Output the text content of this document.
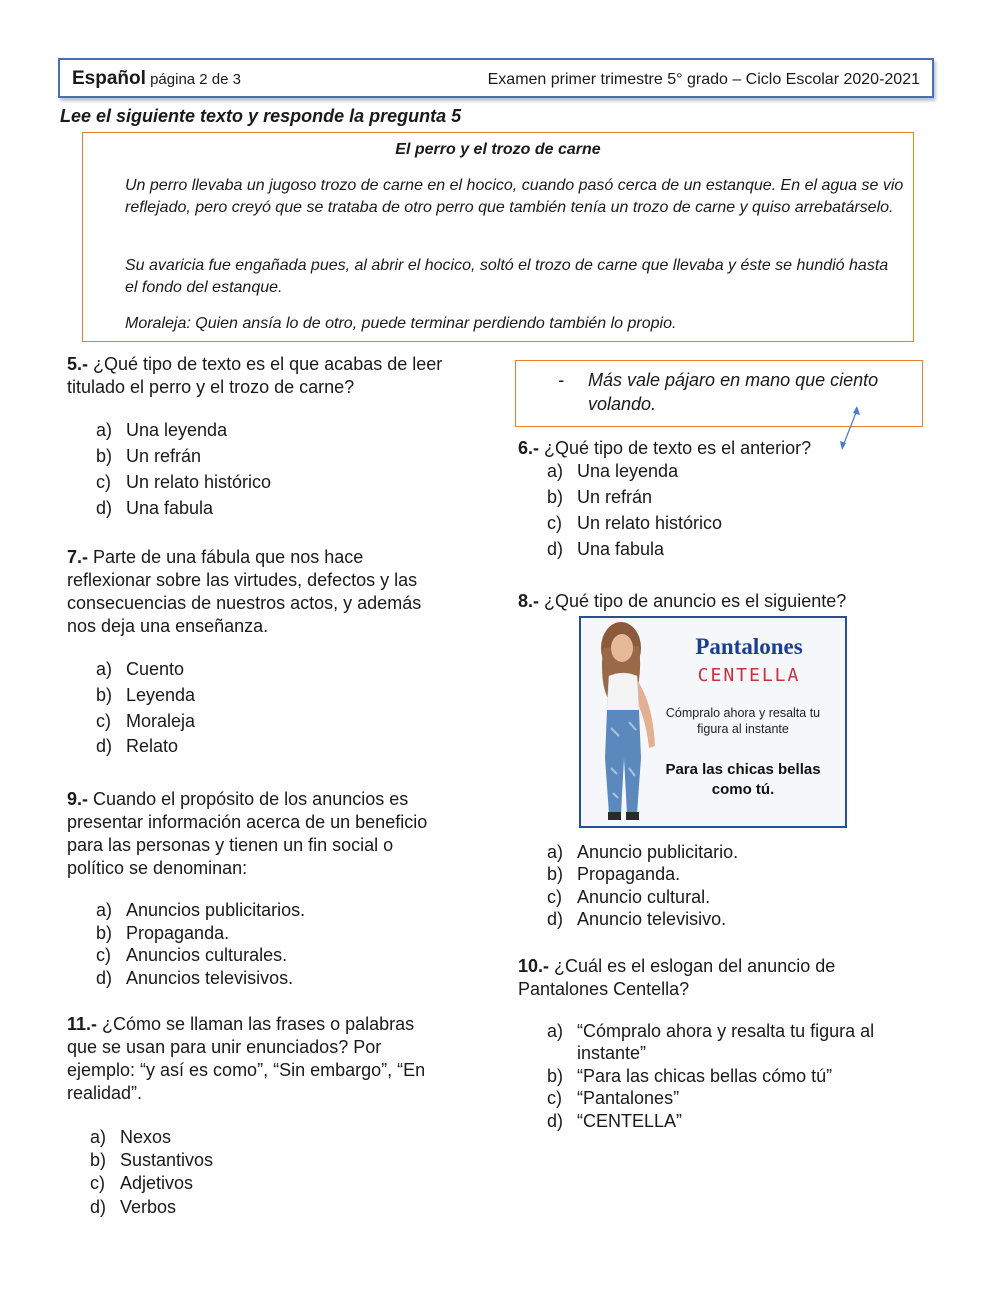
Español página 2 de 3	Examen primer trimestre 5° grado – Ciclo Escolar 2020-2021
Lee el siguiente texto y responde la pregunta 5
El perro y el trozo de carne
Un perro llevaba un jugoso trozo de carne en el hocico, cuando pasó cerca de un estanque. En el agua se vio reflejado, pero creyó que se trataba de otro perro que también tenía un trozo de carne y quiso arrebatárselo.
Su avaricia fue engañada pues, al abrir el hocico, soltó el trozo de carne que llevaba y éste se hundió hasta el fondo del estanque.
Moraleja: Quien ansía lo de otro, puede terminar perdiendo también lo propio.
5.- ¿Qué tipo de texto es el que acabas de leer
titulado el perro y el trozo de carne?
a) Una leyenda
b) Un refrán
c) Un relato histórico
d) Una fabula
- Más vale pájaro en mano que ciento volando.
6.- ¿Qué tipo de texto es el anterior?
a) Una leyenda
b) Un refrán
c) Un relato histórico
d) Una fabula
7.- Parte de una fábula que nos hace
reflexionar sobre las virtudes, defectos y las
consecuencias de nuestros actos, y además
nos deja una enseñanza.
a) Cuento
b) Leyenda
c) Moraleja
d) Relato
8.- ¿Qué tipo de anuncio es el siguiente?
Pantalones
CENTELLA
Cómpralo ahora y resalta tu
figura al instante
Para las chicas bellas
como tú.
9.- Cuando el propósito de los anuncios es
presentar información acerca de un beneficio
para las personas y tienen un fin social o
político se denominan:
a) Anuncios publicitarios.
b) Propaganda.
c) Anuncios culturales.
d) Anuncios televisivos.
a) Anuncio publicitario.
b) Propaganda.
c) Anuncio cultural.
d) Anuncio televisivo.
10.- ¿Cuál es el eslogan del anuncio de
Pantalones Centella?
a) “Cómpralo ahora y resalta tu figura al
instante”
b) “Para las chicas bellas cómo tú”
c) “Pantalones”
d) “CENTELLA”
11.- ¿Cómo se llaman las frases o palabras
que se usan para unir enunciados? Por
ejemplo: “y así es como”, “Sin embargo”, “En
realidad”.
a) Nexos
b) Sustantivos
c) Adjetivos
d) Verbos
